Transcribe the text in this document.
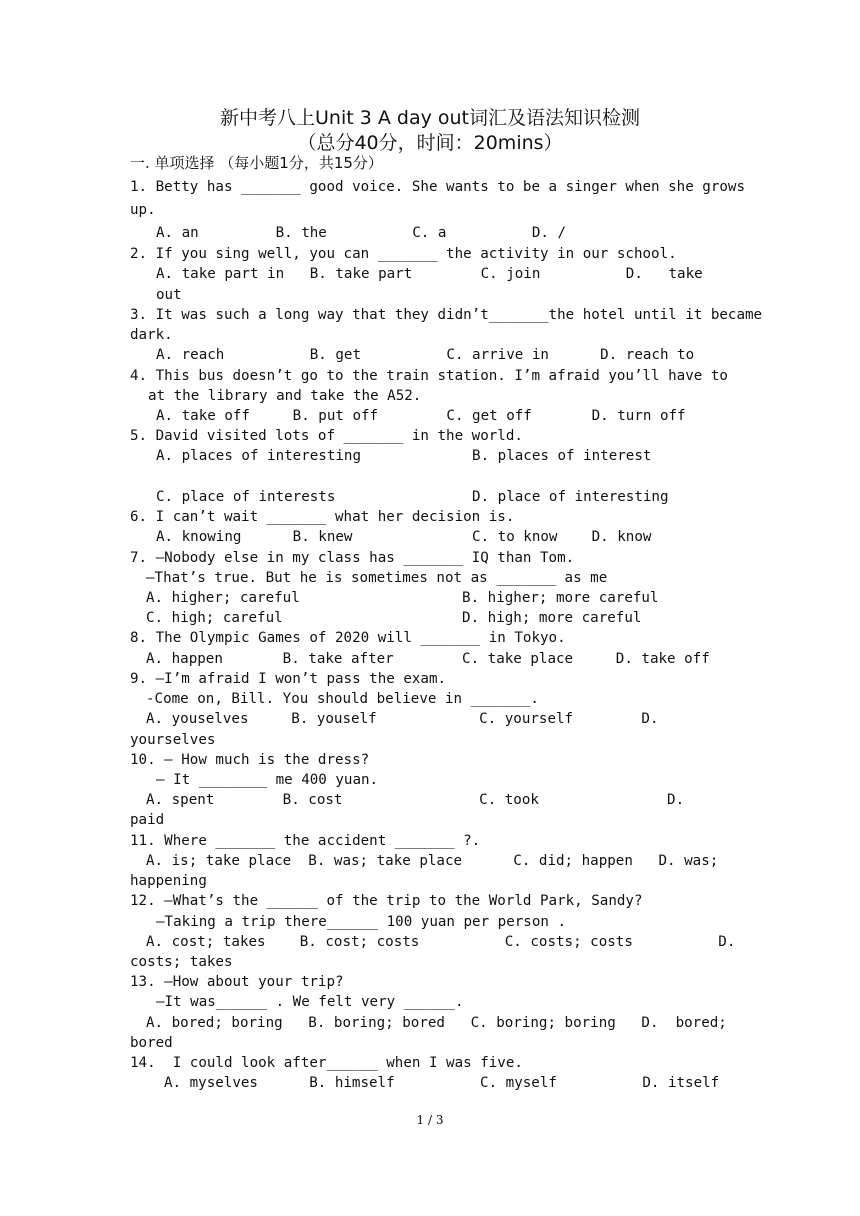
新中考八上Unit 3 A day out词汇及语法知识检测
（总分40分，时间：20mins）
一. 单项选择 （每小题1分，共15分）
1. Betty has _______ good voice. She wants to be a singer when she grows
up.
A. an         B. the          C. a          D. /
2. If you sing well, you can _______ the activity in our school.
A. take part in   B. take part        C. join          D.   take
out
3. It was such a long way that they didn’t_______the hotel until it became
dark.
A. reach          B. get          C. arrive in      D. reach to
4. This bus doesn’t go to the train station. I’m afraid you’ll have to
at the library and take the A52.
A. take off     B. put off        C. get off       D. turn off
5. David visited lots of _______ in the world.
A. places of interesting             B. places of interest
C. place of interests                D. place of interesting
6. I can’t wait _______ what her decision is.
A. knowing      B. knew              C. to know    D. know
7. —Nobody else in my class has _______ IQ than Tom.
—That’s true. But he is sometimes not as _______ as me
A. higher; careful                   B. higher; more careful
C. high; careful                     D. high; more careful
8. The Olympic Games of 2020 will _______ in Tokyo.
A. happen       B. take after        C. take place     D. take off
9. —I’m afraid I won’t pass the exam.
-Come on, Bill. You should believe in _______.
A. youselves     B. youself            C. yourself        D.
yourselves
10. — How much is the dress?
— It ________ me 400 yuan.
A. spent        B. cost                C. took               D.
paid
11. Where _______ the accident _______ ?.
A. is; take place  B. was; take place      C. did; happen   D. was;
happening
12. —What’s the ______ of the trip to the World Park, Sandy?
—Taking a trip there______ 100 yuan per person .
A. cost; takes    B. cost; costs          C. costs; costs          D.
costs; takes
13. —How about your trip?
—It was______ . We felt very ______.
A. bored; boring   B. boring; bored   C. boring; boring   D.  bored;
bored
14.  I could look after______ when I was five.
A. myselves      B. himself          C. myself          D. itself
1 / 3
